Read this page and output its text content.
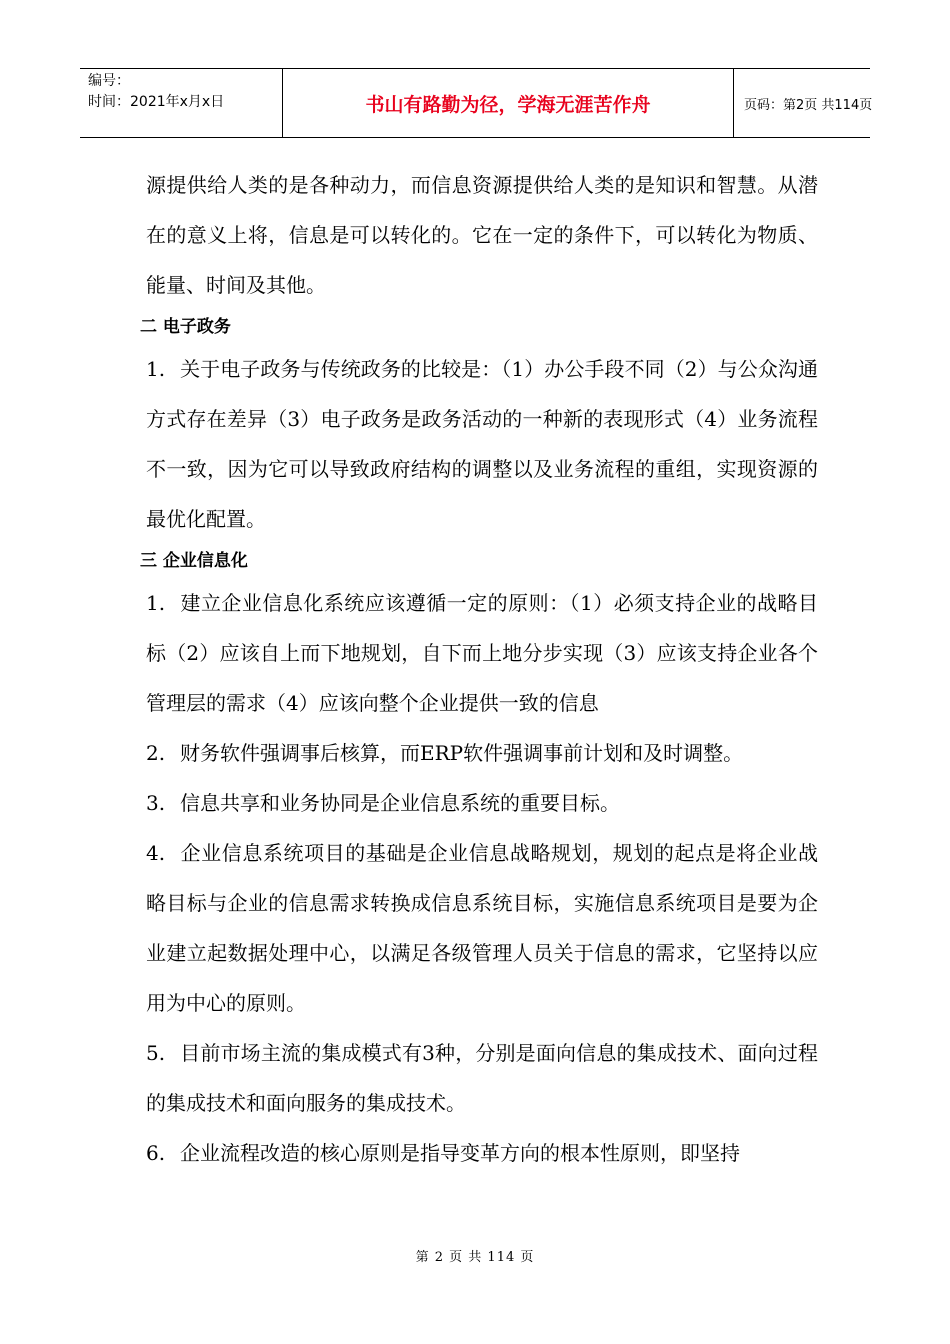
编号：
时间：2021年x月x日	书山有路勤为径，学海无涯苦作舟	页码：第2页 共114页

源提供给人类的是各种动力，而信息资源提供给人类的是知识和智慧。从潜在的意义上将，信息是可以转化的。它在一定的条件下，可以转化为物质、能量、时间及其他。

二 电子政务

1. 关于电子政务与传统政务的比较是：（1）办公手段不同（2）与公众沟通方式存在差异（3）电子政务是政务活动的一种新的表现形式（4）业务流程不一致，因为它可以导致政府结构的调整以及业务流程的重组，实现资源的最优化配置。

三 企业信息化

1. 建立企业信息化系统应该遵循一定的原则：（1）必须支持企业的战略目标（2）应该自上而下地规划，自下而上地分步实现（3）应该支持企业各个管理层的需求（4）应该向整个企业提供一致的信息

2. 财务软件强调事后核算，而ERP软件强调事前计划和及时调整。

3. 信息共享和业务协同是企业信息系统的重要目标。

4. 企业信息系统项目的基础是企业信息战略规划，规划的起点是将企业战略目标与企业的信息需求转换成信息系统目标，实施信息系统项目是要为企业建立起数据处理中心，以满足各级管理人员关于信息的需求，它坚持以应用为中心的原则。

5. 目前市场主流的集成模式有3种，分别是面向信息的集成技术、面向过程的集成技术和面向服务的集成技术。

6. 企业流程改造的核心原则是指导变革方向的根本性原则，即坚持

第 2 页 共 114 页
